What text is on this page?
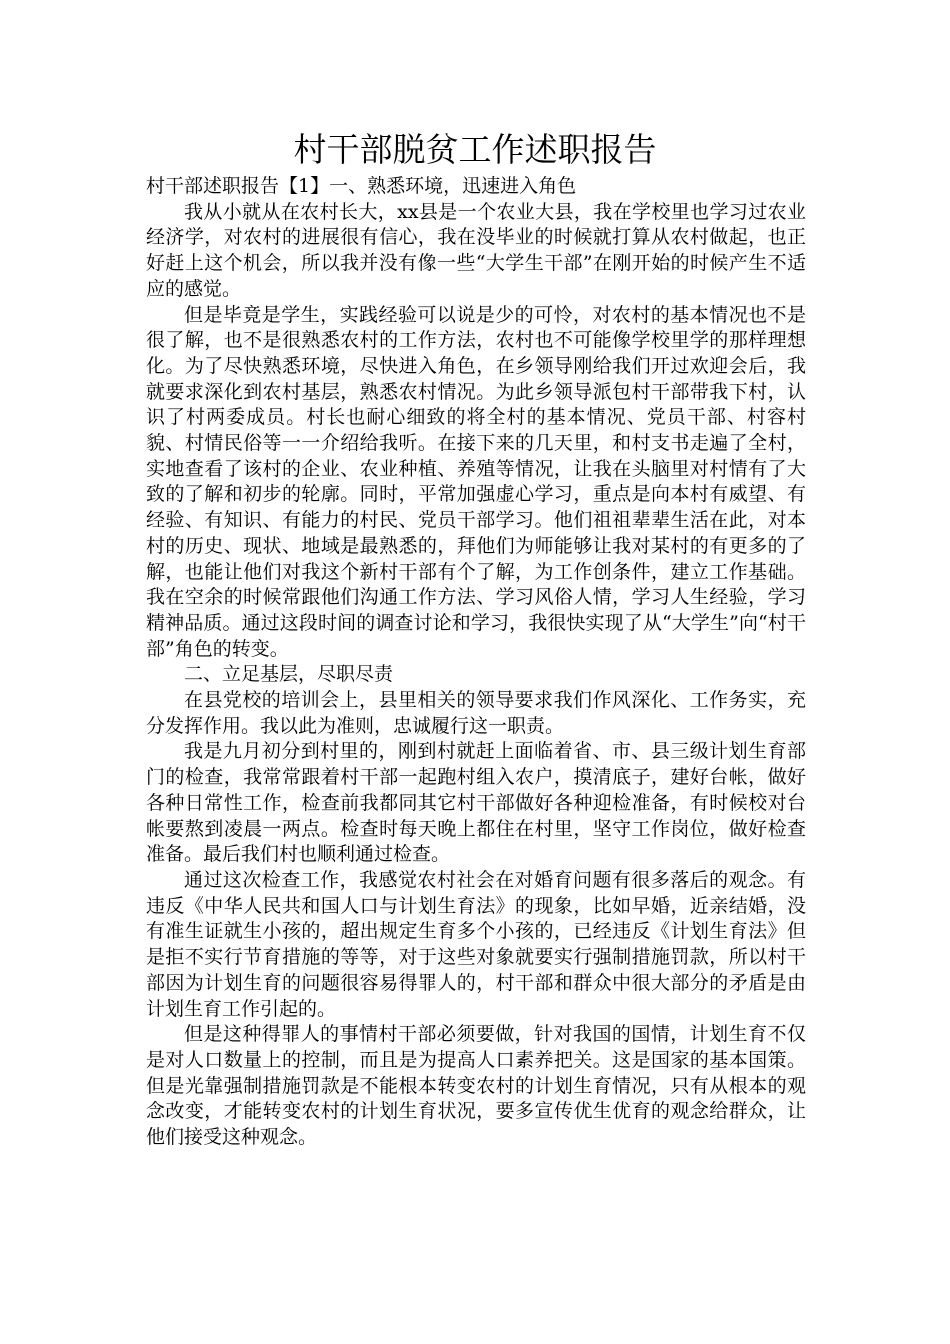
村干部脱贫工作述职报告

村干部述职报告【1】一、熟悉环境，迅速进入角色

我从小就从在农村长大，xx县是一个农业大县，我在学校里也学习过农业经济学，对农村的进展很有信心，我在没毕业的时候就打算从农村做起，也正好赶上这个机会，所以我并没有像一些“大学生干部”在刚开始的时候产生不适应的感觉。

但是毕竟是学生，实践经验可以说是少的可怜，对农村的基本情况也不是很了解，也不是很熟悉农村的工作方法，农村也不可能像学校里学的那样理想化。为了尽快熟悉环境，尽快进入角色，在乡领导刚给我们开过欢迎会后，我就要求深化到农村基层，熟悉农村情况。为此乡领导派包村干部带我下村，认识了村两委成员。村长也耐心细致的将全村的基本情况、党员干部、村容村貌、村情民俗等一一介绍给我听。在接下来的几天里，和村支书走遍了全村，实地查看了该村的企业、农业种植、养殖等情况，让我在头脑里对村情有了大致的了解和初步的轮廓。同时，平常加强虚心学习，重点是向本村有威望、有经验、有知识、有能力的村民、党员干部学习。他们祖祖辈辈生活在此，对本村的历史、现状、地域是最熟悉的，拜他们为师能够让我对某村的有更多的了解，也能让他们对我这个新村干部有个了解，为工作创条件，建立工作基础。我在空余的时候常跟他们沟通工作方法、学习风俗人情，学习人生经验，学习精神品质。通过这段时间的调查讨论和学习，我很快实现了从“大学生”向“村干部”角色的转变。

二、立足基层，尽职尽责

在县党校的培训会上，县里相关的领导要求我们作风深化、工作务实，充分发挥作用。我以此为准则，忠诚履行这一职责。

我是九月初分到村里的，刚到村就赶上面临着省、市、县三级计划生育部门的检查，我常常跟着村干部一起跑村组入农户，摸清底子，建好台帐，做好各种日常性工作，检查前我都同其它村干部做好各种迎检准备，有时候校对台帐要熬到凌晨一两点。检查时每天晚上都住在村里，坚守工作岗位，做好检查准备。最后我们村也顺利通过检查。

通过这次检查工作，我感觉农村社会在对婚育问题有很多落后的观念。有违反《中华人民共和国人口与计划生育法》的现象，比如早婚，近亲结婚，没有准生证就生小孩的，超出规定生育多个小孩的，已经违反《计划生育法》但是拒不实行节育措施的等等，对于这些对象就要实行强制措施罚款，所以村干部因为计划生育的问题很容易得罪人的，村干部和群众中很大部分的矛盾是由计划生育工作引起的。

但是这种得罪人的事情村干部必须要做，针对我国的国情，计划生育不仅是对人口数量上的控制，而且是为提高人口素养把关。这是国家的基本国策。但是光靠强制措施罚款是不能根本转变农村的计划生育情况，只有从根本的观念改变，才能转变农村的计划生育状况，要多宣传优生优育的观念给群众，让他们接受这种观念。
